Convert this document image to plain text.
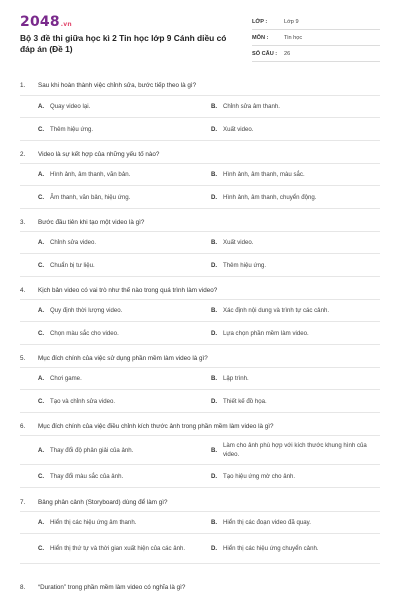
2048.vn
Bộ 3 đề thi giữa học kì 2 Tin học lớp 9 Cánh diều có đáp án (Đề 1)
LỚP :	Lớp 9
MÔN :	Tin học
SỐ CÂU :	26
1.	Sau khi hoàn thành việc chỉnh sửa, bước tiếp theo là gì?
A. Quay video lại.	B. Chỉnh sửa âm thanh.
C. Thêm hiệu ứng.	D. Xuất video.
2.	Video là sự kết hợp của những yếu tố nào?
A. Hình ảnh, âm thanh, văn bản.	B. Hình ảnh, âm thanh, màu sắc.
C. Âm thanh, văn bản, hiệu ứng.	D. Hình ảnh, âm thanh, chuyển động.
3.	Bước đầu tiên khi tạo một video là gì?
A. Chỉnh sửa video.	B. Xuất video.
C. Chuẩn bị tư liệu.	D. Thêm hiệu ứng.
4.	Kịch bản video có vai trò như thế nào trong quá trình làm video?
A. Quy định thời lượng video.	B. Xác định nội dung và trình tự các cảnh.
C. Chọn màu sắc cho video.	D. Lựa chọn phần mềm làm video.
5.	Mục đích chính của việc sử dụng phần mềm làm video là gì?
A. Chơi game.	B. Lập trình.
C. Tạo và chỉnh sửa video.	D. Thiết kế đồ họa.
6.	Mục đích chính của việc điều chỉnh kích thước ảnh trong phần mềm làm video là gì?
A. Thay đổi độ phân giải của ảnh.	B.
Làm cho ảnh phù hợp với kích thước khung hình của video.
C. Thay đổi màu sắc của ảnh.	D. Tạo hiệu ứng mờ cho ảnh.
7.	Bảng phân cảnh (Storyboard) dùng để làm gì?
A. Hiển thị các hiệu ứng âm thanh.	B. Hiển thị các đoạn video đã quay.
C. Hiển thị thứ tự và thời gian xuất hiện của các ảnh.	D. Hiển thị các hiệu ứng chuyển cảnh.
8.	“Duration” trong phần mềm làm video có nghĩa là gì?
